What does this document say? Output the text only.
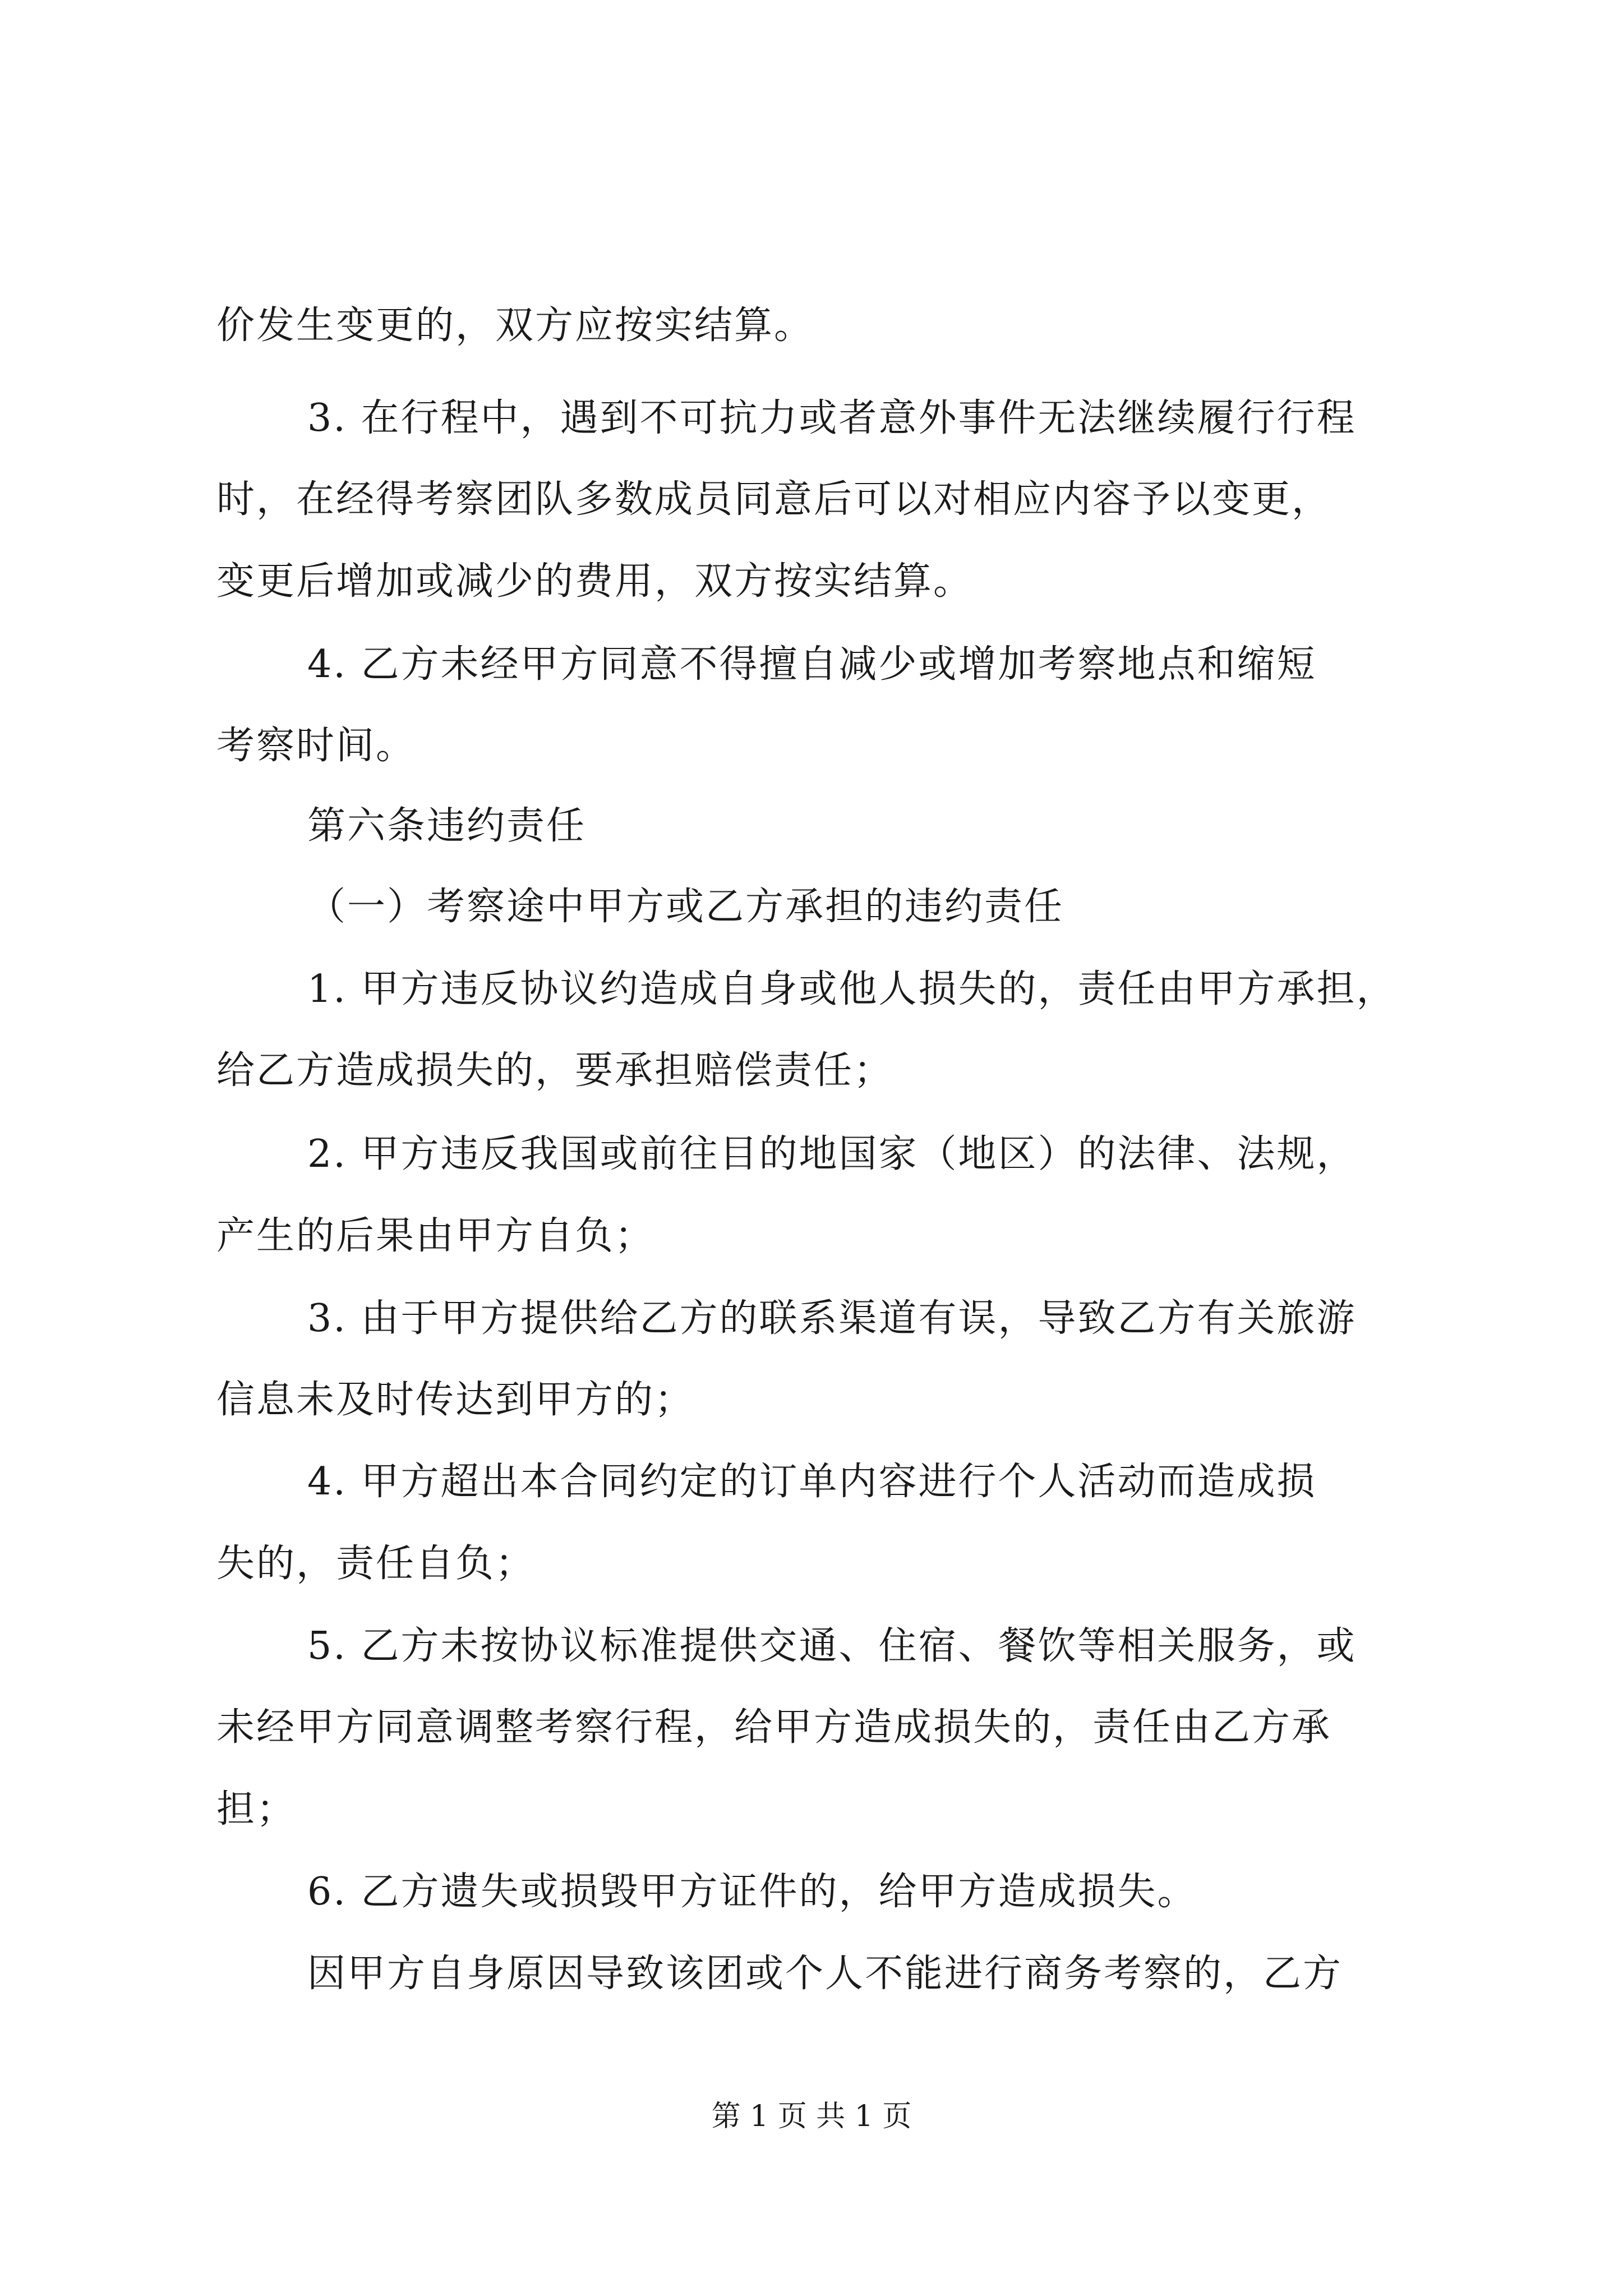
价发生变更的，双方应按实结算。
3. 在行程中，遇到不可抗力或者意外事件无法继续履行行程
时，在经得考察团队多数成员同意后可以对相应内容予以变更，
变更后增加或减少的费用，双方按实结算。
4. 乙方未经甲方同意不得擅自减少或增加考察地点和缩短
考察时间。
第六条违约责任
（一）考察途中甲方或乙方承担的违约责任
1. 甲方违反协议约造成自身或他人损失的，责任由甲方承担，
给乙方造成损失的，要承担赔偿责任；
2. 甲方违反我国或前往目的地国家（地区）的法律、法规，
产生的后果由甲方自负；
3. 由于甲方提供给乙方的联系渠道有误，导致乙方有关旅游
信息未及时传达到甲方的；
4. 甲方超出本合同约定的订单内容进行个人活动而造成损
失的，责任自负；
5. 乙方未按协议标准提供交通、住宿、餐饮等相关服务，或
未经甲方同意调整考察行程，给甲方造成损失的，责任由乙方承
担；
6. 乙方遗失或损毁甲方证件的，给甲方造成损失。
因甲方自身原因导致该团或个人不能进行商务考察的，乙方
第 1 页 共 1 页
